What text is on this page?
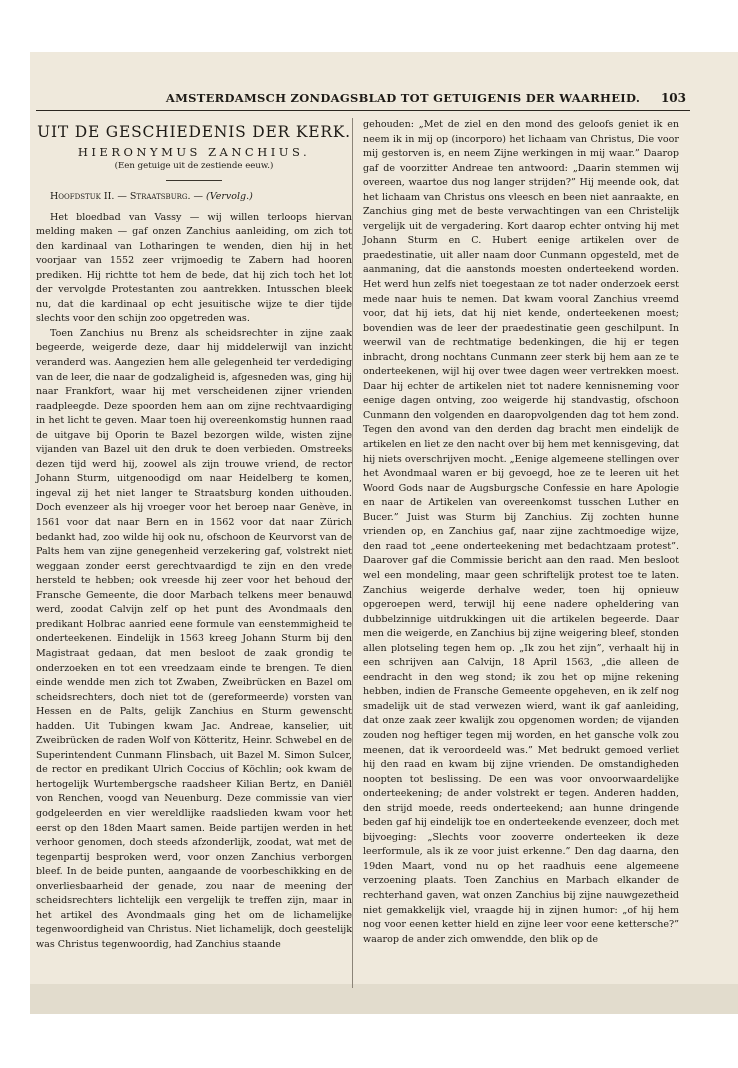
AMSTERDAMSCH ZONDAGSBLAD TOT GETUIGENIS DER WAARHEID.	103
UIT DE GESCHIEDENIS DER KERK.
HIERONYMUS ZANCHIUS.
(Een getuige uit de zestiende eeuw.)
Hoofdstuk II. — Straatsburg. — (Vervolg.)

Het bloedbad van Vassy — wij willen terloops hiervan melding maken — gaf onzen Zanchius aanleiding, om zich tot den kardinaal van Lotharingen te wenden, dien hij in het voorjaar van 1552 zeer vrijmoedig te Zabern had hooren prediken. Hij richtte tot hem de bede, dat hij zich toch het lot der vervolgde Protestanten zou aantrekken. Intusschen bleek nu, dat die kardinaal op echt jesuitische wijze te dier tijde slechts voor den schijn zoo opgetreden was.

Toen Zanchius nu Brenz als scheidsrechter in zijne zaak begeerde, weigerde deze, daar hij middelerwijl van inzicht veranderd was. Aangezien hem alle gelegenheid ter verdediging van de leer, die naar de godzaligheid is, afgesneden was, ging hij naar Frankfort, waar hij met verscheidenen zijner vrienden raadpleegde. Deze spoorden hem aan om zijne rechtvaardiging in het licht te geven. Maar toen hij overeenkomstig hunnen raad de uitgave bij Oporin te Bazel bezorgen wilde, wisten zijne vijanden van Bazel uit den druk te doen verbieden. Omstreeks dezen tijd werd hij, zoowel als zijn trouwe vriend, de rector Johann Sturm, uitgenoodigd om naar Heidelberg te komen, ingeval zij het niet langer te Straatsburg konden uithouden. Doch evenzeer als hij vroeger voor het beroep naar Genève, in 1561 voor dat naar Bern en in 1562 voor dat naar Zürich bedankt had, zoo wilde hij ook nu, ofschoon de Keurvorst van de Palts hem van zijne genegenheid verzekering gaf, volstrekt niet weggaan zonder eerst gerechtvaardigd te zijn en den vrede hersteld te hebben; ook vreesde hij zeer voor het behoud der Fransche Gemeente, die door Marbach telkens meer benauwd werd, zoodat Calvijn zelf op het punt des Avondmaals den predikant Holbrac aanried eene formule van eenstemmigheid te onderteekenen. Eindelijk in 1563 kreeg Johann Sturm bij den Magistraat gedaan, dat men besloot de zaak grondig te onderzoeken en tot een vreedzaam einde te brengen. Te dien einde wendde men zich tot Zwaben, Zweibrücken en Bazel om scheidsrechters, doch niet tot de (gereformeerde) vorsten van Hessen en de Palts, gelijk Zanchius en Sturm gewenscht hadden. Uit Tubingen kwam Jac. Andreae, kanselier, uit Zweibrücken de raden Wolf von Kötteritz, Heinr. Schwebel en de Superintendent Cunmann Flinsbach, uit Bazel M. Simon Sulcer, de rector en predikant Ulrich Coccius of Köchlin; ook kwam de hertogelijk Wurtembergsche raadsheer Kilian Bertz, en Daniël von Renchen, voogd van Neuenburg. Deze commissie van vier godgeleerden en vier wereldlijke raadslieden kwam voor het eerst op den 18den Maart samen. Beide partijen werden in het verhoor genomen, doch steeds afzonderlijk, zoodat, wat met de tegenpartij besproken werd, voor onzen Zanchius verborgen bleef. In de beide punten, aangaande de voorbeschikking en de onverliesbaarheid der genade, zou naar de meening der scheidsrechters lichtelijk een vergelijk te treffen zijn, maar in het artikel des Avondmaals ging het om de lichamelijke tegenwoordigheid van Christus. Niet lichamelijk, doch geestelijk was Christus tegenwoordig, had Zanchius staande

gehouden: „Met de ziel en den mond des geloofs geniet ik en neem ik in mij op (incorporo) het lichaam van Christus, Die voor mij gestorven is, en neem Zijne werkingen in mij waar.” Daarop gaf de voorzitter Andreae ten antwoord: „Daarin stemmen wij overeen, waartoe dus nog langer strijden?” Hij meende ook, dat het lichaam van Christus ons vleesch en been niet aanraakte, en Zanchius ging met de beste verwachtingen van een Christelijk vergelijk uit de vergadering. Kort daarop echter ontving hij met Johann Sturm en C. Hubert eenige artikelen over de praedestinatie, uit aller naam door Cunmann opgesteld, met de aanmaning, dat die aanstonds moesten onderteekend worden. Het werd hun zelfs niet toegestaan ze tot nader onderzoek eerst mede naar huis te nemen. Dat kwam vooral Zanchius vreemd voor, dat hij iets, dat hij niet kende, onderteekenen moest; bovendien was de leer der praedestinatie geen geschilpunt. In weerwil van de rechtmatige bedenkingen, die hij er tegen inbracht, drong nochtans Cunmann zeer sterk bij hem aan ze te onderteekenen, wijl hij over twee dagen weer vertrekken moest. Daar hij echter de artikelen niet tot nadere kennisneming voor eenige dagen ontving, zoo weigerde hij standvastig, ofschoon Cunmann den volgenden en daaropvolgenden dag tot hem zond. Tegen den avond van den derden dag bracht men eindelijk de artikelen en liet ze den nacht over bij hem met kennisgeving, dat hij niets overschrijven mocht. „Eenige algemeene stellingen over het Avondmaal waren er bij gevoegd, hoe ze te leeren uit het Woord Gods naar de Augsburgsche Confessie en hare Apologie en naar de Artikelen van overeenkomst tusschen Luther en Bucer.” Juist was Sturm bij Zanchius. Zij zochten hunne vrienden op, en Zanchius gaf, naar zijne zachtmoedige wijze, den raad tot „eene onderteekening met bedachtzaam protest”. Daarover gaf die Commissie bericht aan den raad. Men besloot wel een mondeling, maar geen schriftelijk protest toe te laten. Zanchius weigerde derhalve weder, toen hij opnieuw opgeroepen werd, terwijl hij eene nadere opheldering van dubbelzinnige uitdrukkingen uit die artikelen begeerde. Daar men die weigerde, en Zanchius bij zijne weigering bleef, stonden allen plotseling tegen hem op. „Ik zou het zijn”, verhaalt hij in een schrijven aan Calvijn, 18 April 1563, „die alleen de eendracht in den weg stond; ik zou het op mijne rekening hebben, indien de Fransche Gemeente opgeheven, en ik zelf nog smadelijk uit de stad verwezen wierd, want ik gaf aanleiding, dat onze zaak zeer kwalijk zou opgenomen worden; de vijanden zouden nog heftiger tegen mij worden, en het gansche volk zou meenen, dat ik veroordeeld was.” Met bedrukt gemoed verliet hij den raad en kwam bij zijne vrienden. De omstandigheden noopten tot beslissing. De een was voor onvoorwaardelijke onderteekening; de ander volstrekt er tegen. Anderen hadden, den strijd moede, reeds onderteekend; aan hunne dringende beden gaf hij eindelijk toe en onderteekende evenzeer, doch met bijvoeging: „Slechts voor zooverre onderteeken ik deze leerformule, als ik ze voor juist erkenne.” Den dag daarna, den 19den Maart, vond nu op het raadhuis eene algemeene verzoening plaats. Toen Zanchius en Marbach elkander de rechterhand gaven, wat onzen Zanchius bij zijne nauwgezetheid niet gemakkelijk viel, vraagde hij in zijnen humor: „of hij hem nog voor eenen ketter hield en zijne leer voor eene kettersche?” waarop de ander zich omwendde, den blik op de
